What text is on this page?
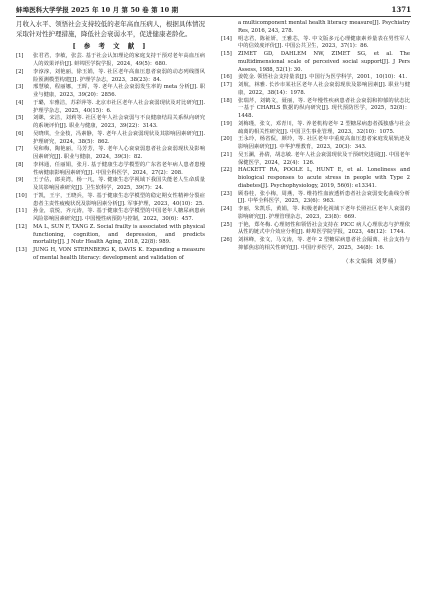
蚌埠医科大学学报 2025 年 10 月 第 50 卷 第 10 期	1371

月收入水平、领悟社会支持较低的老年高血压病人，根据具体情况采取针对性护理措施，降低社会衰弱水平，促进健康老龄化。

[ 参 考 文 献 ]
[1]	张君君，李敏，张芸. 基于社会认知理论的家庭支持干预对老年高血压病人的效果评价[J]. 蚌埠医学院学报，2024，49(5)：680.
[2]	李淳淳，刘艳丽，徐玉娟，等. 社区老年高血压患者衰弱的动态列线图风险预测模型构建[J]. 护理学杂志，2023，38(23)：84.
[3]	邢慧敏，程丽娜，王晖，等. 老年人社会衰弱发生率的 meta 分析[J]. 职业与健康，2023，39(20)：2856.
[4]	于璐，车雅洁，苏彩萍等. 北京市社区老年人社会衰弱现状及对比研究[J]. 护理学杂志，2025，40(15)：6.
[5]	刘眯，宋洁，刘莉等. 社区老年人社会衰弱与不良健康结局关系纵向研究的系统评价[J]. 职业与健康，2023，39(22)：3143.
[6]	吴晓琪，全金枝，冯素静，等. 老年人社会衰弱现状及其影响因素研究[J]. 护理研究，2024，38(5)：862.
[7]	吴和梅，陶艳丽，马芳芳，等. 老年人心衰衰弱患者社会衰弱现状及影响因素研究[J]. 职业与健康，2024，39(3)：82.
[8]	李林通，任丽娟，张月. 基于健康生态学模型的广东省老年病人患者患慢性病健康影响因素研究[J]. 中国全科医学，2024，27(2)：208.
[9]	王子估，郎美湾，杨一凡，等. 健康生态学视域下我国失能老人生命质量及其影响因素研究[J]. 卫生软科学，2025，39(7)：24.
[10]	于凯，王宇，王晓兵，等. 基于健康生态学模型的稳定期女性精神分裂症患者主责性疲瘦状况及影响因素分析[J]. 军事护理，2023，40(10)：25.
[11]	孙金，袁悦，齐元涛，等. 基于健康生态学模型的中国老年人糖尿病患病风险影响因素研究[J]. 中国慢性病预防与控制，2022，30(6)：457.
[12]	MA L, SUN F, TANG Z. Social frailty is associated with physical functioning, cognition, and depression, and predicts mortality[J]. J Nutr Health Aging, 2018, 22(8): 989.
[13]	JUNG H, VON STERNBERG K, DAVIS K. Expanding a measure of mental health literacy: development and validation of
a multicomponent mental health literacy measure[J]. Psychiatry Res, 2016, 243, 278.
[14]	明志君，陈祉妍，王雅芯，等. 中文版多元心理健康素养量表在男性军人中的信效度评价[J]. 中国公共卫生，2023，37(1)：86.
[15]	ZIMET GD, DAHLEM NW, ZIMET SG, et al. The multidimensional scale of perceived social support[J]. J Pers Assess, 1988, 52(1): 30.
[16]	姜乾金. 领悟社会支持量表[J]. 中国行为医学科学，2001，10(10)：41.
[17]	刘航，林雅. 长沙市某社区老年人社会衰弱现状及影响因素[J]. 职业与健康，2022，38(14)：1978.
[18]	张瑞芹，刘鹤文，聂丽，等. 老年慢性疾病患者社会衰弱和抑郁的状态比一基于 CHARLS 数据的纵向研究[J]. 现代预防医学，2025，52(8)：1448.
[19]	刘梅瑾，张文，邓青川，等. 养老机构老年 2 型糖尿病患者孤独感与社会疏离的相关性研究[J]. 中国卫生事业管理，2023，32(10)：1075.
[20]	王永玲，杨省侃，颜玲，等. 社区老年中重度高血压患者家庭发展轨迹及影响因素研究[J]. 中华护理教育，2023，20(3)：343.
[21]	吴玉澜，孙倩，胡志敏. 老年人社会衰弱现状及干预研究进展[J]. 中国老年保健医学，2024，22(4)：126.
[22]	HACKETT RA, POOLE L, HUNT E, et al. Loneliness and biological responses to acute stress in people with Type 2 diabetes[J]. Psychophysiology, 2019, 56(6): e13341.
[23]	顾春桂，张小梅，周燕，等. 维持性血液透析患者社会衰弱变化曲线分析[J]. 中华全科医学，2025，23(6)：963.
[24]	李丽，朱凯乐，黄娟，等. 积极老龄化视域下老年长照社区老年人衰弱的影响研究[J]. 护理管理杂志，2023，23(8)：669.
[25]	于艳，郑冬梅. 心理韧性和领悟社会支持在 PICC 病人心理状态与护理依从性的链式中介效应分析[J]. 蚌埠医学院学报，2023，48(12)：1744.
[26]	刘林峰，张文，马文涛，等. 老年 2 型糖尿病患者社会隔离、社会支持与抑郁焦虑的相关性研究[J]. 中国疗养医学，2025，34(8)：16.
（本文编辑 刘梦楠）
